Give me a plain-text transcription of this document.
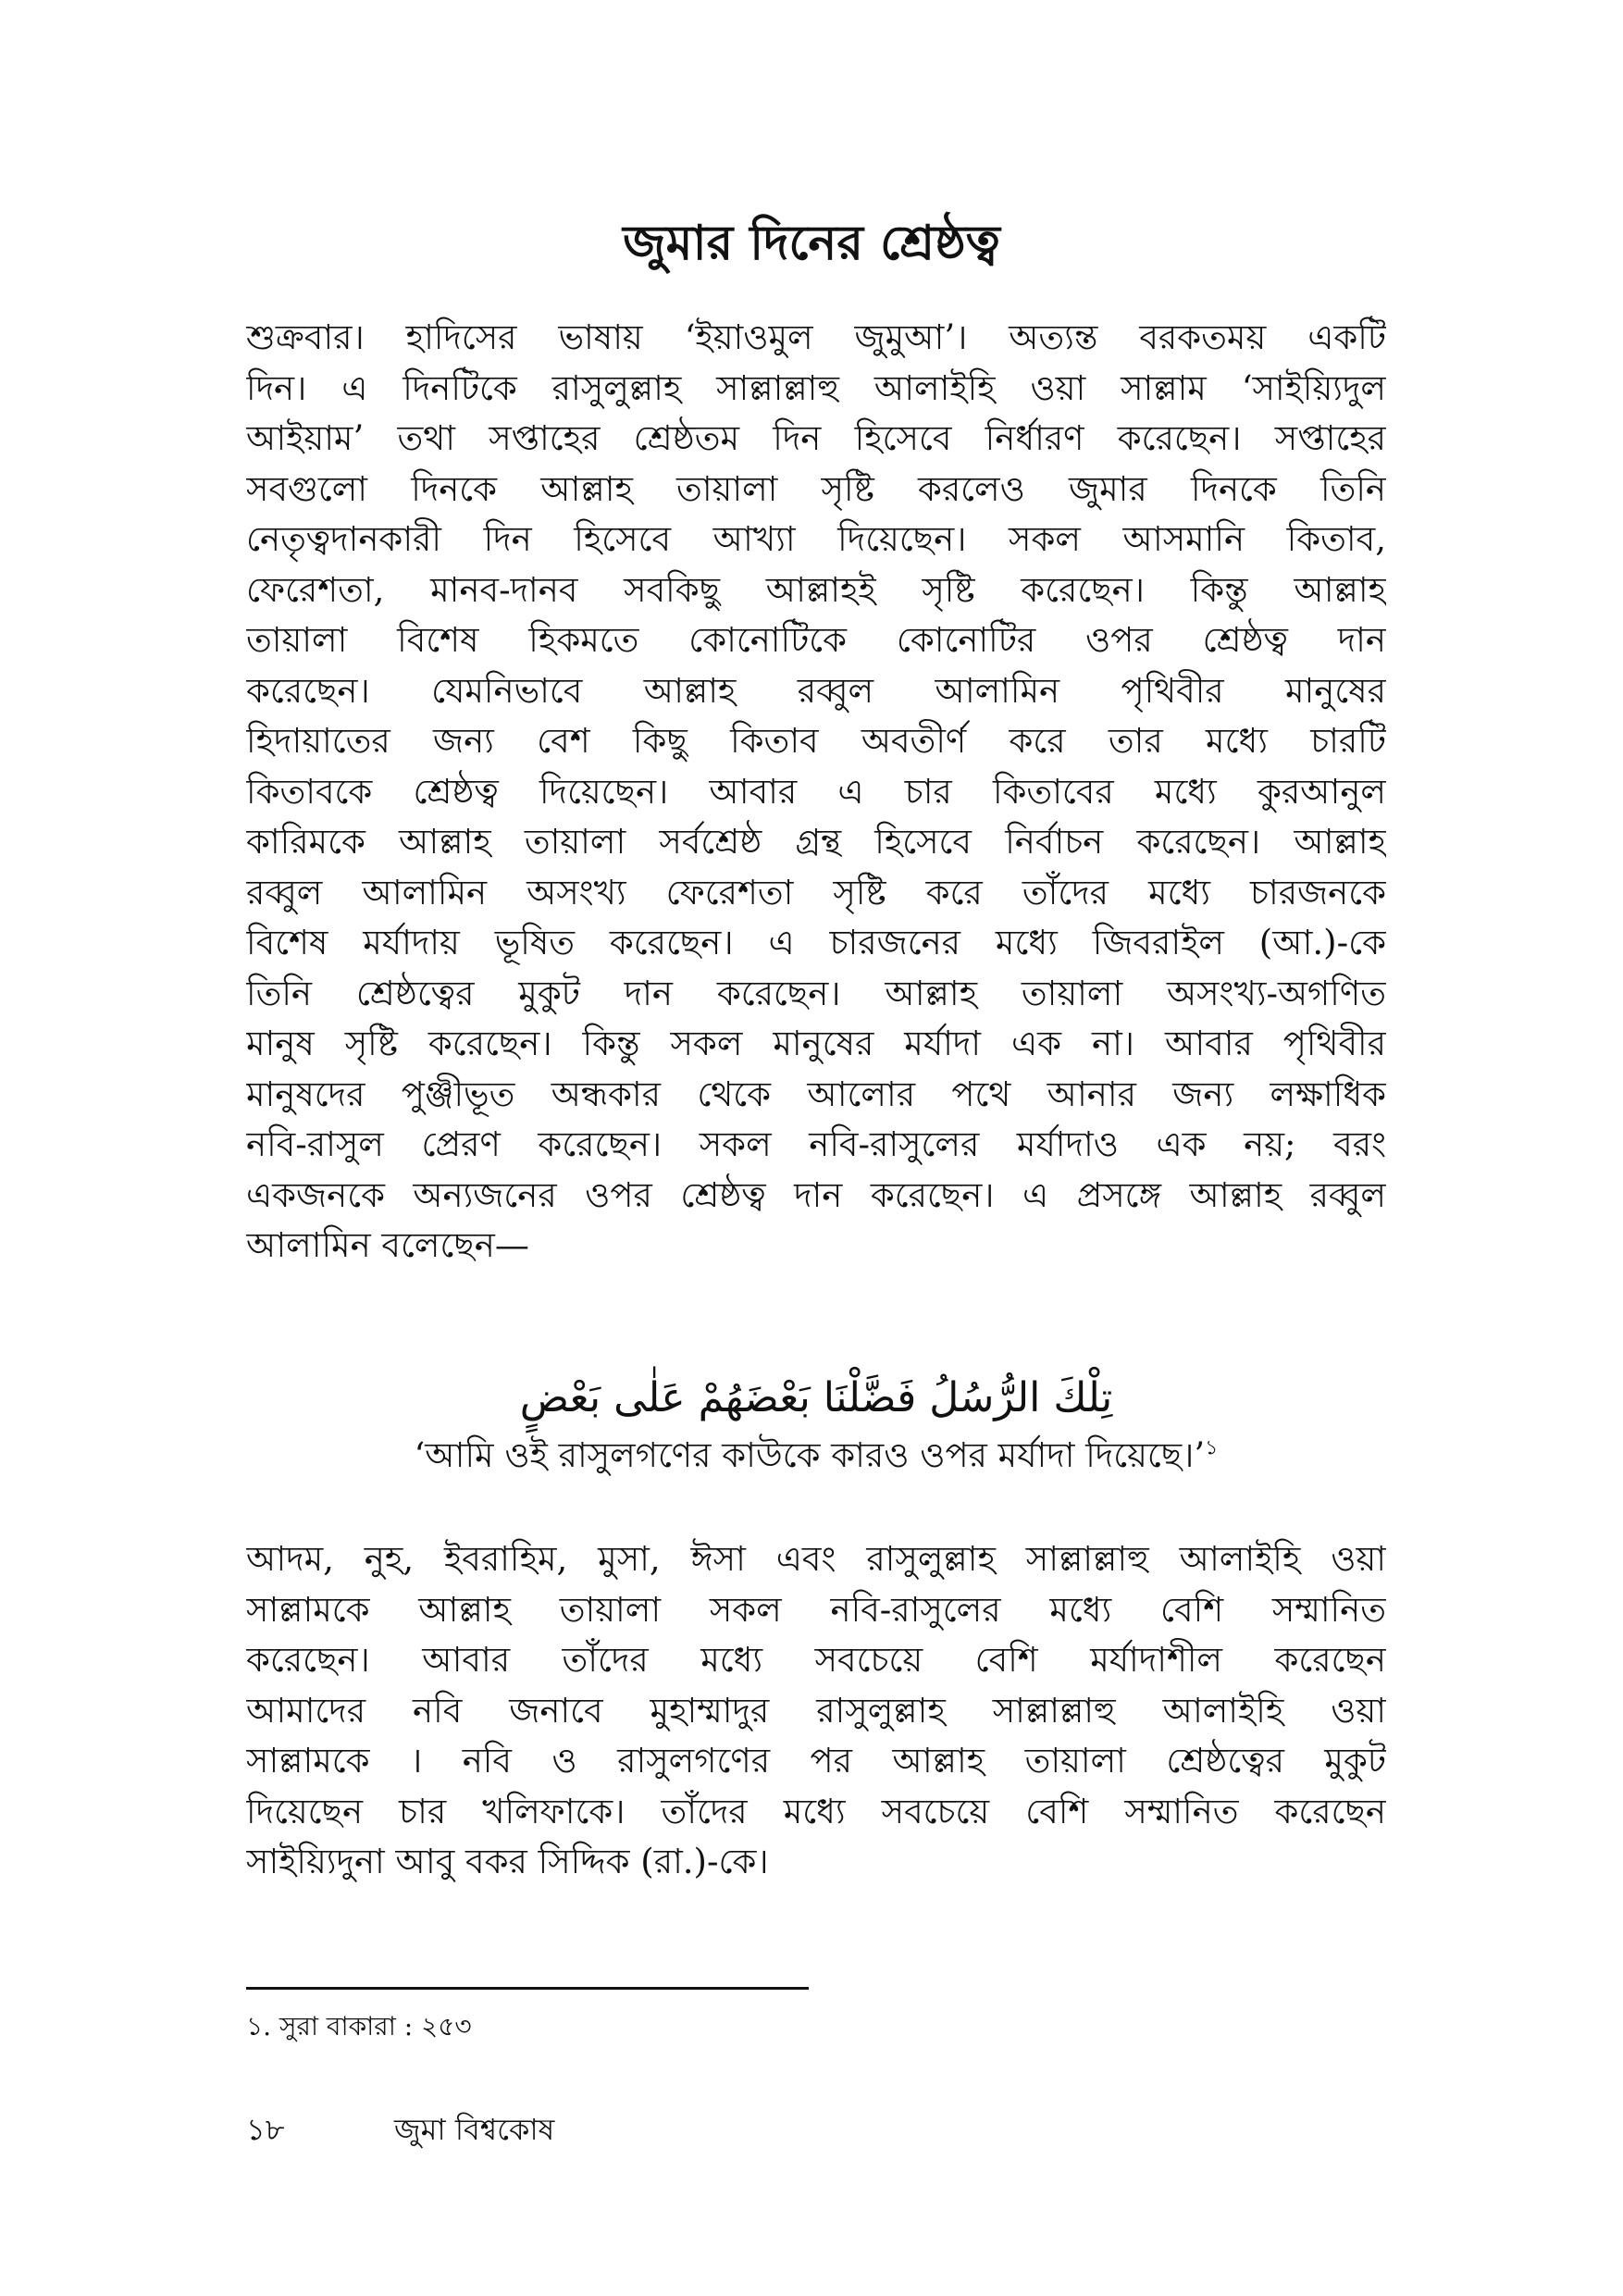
জুমার দিনের শ্রেষ্ঠত্ব
শুক্রবার। হাদিসের ভাষায় ‘ইয়াওমুল জুমুআ’। অত্যন্ত বরকতময় একটি
দিন। এ দিনটিকে রাসুলুল্লাহ সাল্লাল্লাহু আলাইহি ওয়া সাল্লাম ‘সাইয়্যিদুল
আইয়াম’ তথা সপ্তাহের শ্রেষ্ঠতম দিন হিসেবে নির্ধারণ করেছেন। সপ্তাহের
সবগুলো দিনকে আল্লাহ তায়ালা সৃষ্টি করলেও জুমার দিনকে তিনি
নেতৃত্বদানকারী দিন হিসেবে আখ্যা দিয়েছেন। সকল আসমানি কিতাব,
ফেরেশতা, মানব-দানব সবকিছু আল্লাহই সৃষ্টি করেছেন। কিন্তু আল্লাহ
তায়ালা বিশেষ হিকমতে কোনোটিকে কোনোটির ওপর শ্রেষ্ঠত্ব দান
করেছেন। যেমনিভাবে আল্লাহ রব্বুল আলামিন পৃথিবীর মানুষের
হিদায়াতের জন্য বেশ কিছু কিতাব অবতীর্ণ করে তার মধ্যে চারটি
কিতাবকে শ্রেষ্ঠত্ব দিয়েছেন। আবার এ চার কিতাবের মধ্যে কুরআনুল
কারিমকে আল্লাহ তায়ালা সর্বশ্রেষ্ঠ গ্রন্থ হিসেবে নির্বাচন করেছেন। আল্লাহ
রব্বুল আলামিন অসংখ্য ফেরেশতা সৃষ্টি করে তাঁদের মধ্যে চারজনকে
বিশেষ মর্যাদায় ভূষিত করেছেন। এ চারজনের মধ্যে জিবরাইল (আ.)-কে
তিনি শ্রেষ্ঠত্বের মুকুট দান করেছেন। আল্লাহ তায়ালা অসংখ্য-অগণিত
মানুষ সৃষ্টি করেছেন। কিন্তু সকল মানুষের মর্যাদা এক না। আবার পৃথিবীর
মানুষদের পুঞ্জীভূত অন্ধকার থেকে আলোর পথে আনার জন্য লক্ষাধিক
নবি-রাসুল প্রেরণ করেছেন। সকল নবি-রাসুলের মর্যাদাও এক নয়; বরং
একজনকে অন্যজনের ওপর শ্রেষ্ঠত্ব দান করেছেন। এ প্রসঙ্গে আল্লাহ রব্বুল
আলামিন বলেছেন—
تِلْكَ الرُّسُلُ فَضَّلْنَا بَعْضَهُمْ عَلٰى بَعْضٍ
‘আমি ওই রাসুলগণের কাউকে কারও ওপর মর্যাদা দিয়েছে।’$^১$
আদম, নুহ, ইবরাহিম, মুসা, ঈসা এবং রাসুলুল্লাহ সাল্লাল্লাহু আলাইহি ওয়া
সাল্লামকে আল্লাহ তায়ালা সকল নবি-রাসুলের মধ্যে বেশি সম্মানিত
করেছেন। আবার তাঁদের মধ্যে সবচেয়ে বেশি মর্যাদাশীল করেছেন
আমাদের নবি জনাবে মুহাম্মাদুর রাসুলুল্লাহ সাল্লাল্লাহু আলাইহি ওয়া
সাল্লামকে । নবি ও রাসুলগণের পর আল্লাহ তায়ালা শ্রেষ্ঠত্বের মুকুট
দিয়েছেন চার খলিফাকে। তাঁদের মধ্যে সবচেয়ে বেশি সম্মানিত করেছেন
সাইয়্যিদুনা আবু বকর সিদ্দিক (রা.)-কে।
১. সুরা বাকারা : ২৫৩
১৮	জুমা বিশ্বকোষ
